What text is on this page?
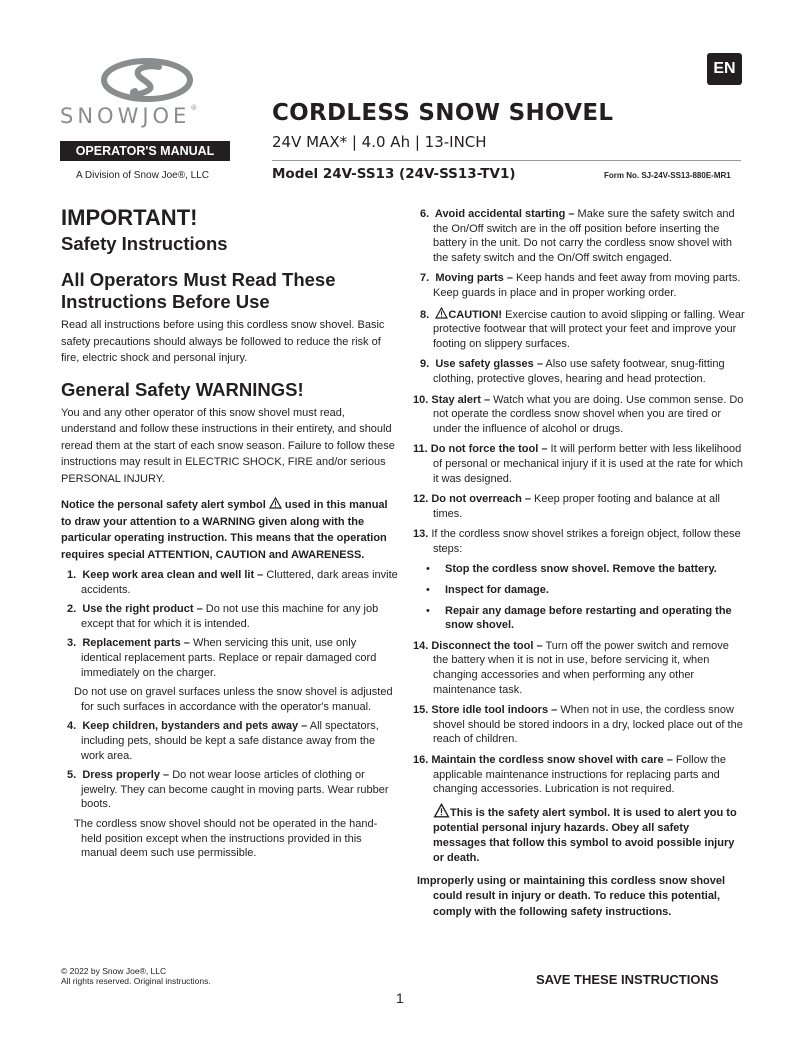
SNOWJOE®
OPERATOR'S MANUAL
A Division of Snow Joe®, LLC
EN
CORDLESS SNOW SHOVEL
24V MAX* | 4.0 Ah | 13-INCH
Model 24V-SS13 (24V-SS13-TV1)	Form No. SJ-24V-SS13-880E-MR1
IMPORTANT!
Safety Instructions
All Operators Must Read These Instructions Before Use
Read all instructions before using this cordless snow shovel. Basic safety precautions should always be followed to reduce the risk of fire, electric shock and personal injury.
General Safety WARNINGS!
You and any other operator of this snow shovel must read, understand and follow these instructions in their entirety, and should reread them at the start of each snow season. Failure to follow these instructions may result in ELECTRIC SHOCK, FIRE and/or serious PERSONAL INJURY.
Notice the personal safety alert symbol  used in this manual to draw your attention to a WARNING given along with the particular operating instruction. This means that the operation requires special ATTENTION, CAUTION and AWARENESS.
1. Keep work area clean and well lit – Cluttered, dark areas invite accidents.
2. Use the right product – Do not use this machine for any job except that for which it is intended.
3. Replacement parts – When servicing this unit, use only identical replacement parts. Replace or repair damaged cord immediately on the charger.
Do not use on gravel surfaces unless the snow shovel is adjusted for such surfaces in accordance with the operator's manual.
4. Keep children, bystanders and pets away – All spectators, including pets, should be kept a safe distance away from the work area.
5. Dress properly – Do not wear loose articles of clothing or jewelry. They can become caught in moving parts. Wear rubber boots.
The cordless snow shovel should not be operated in the hand-held position except when the instructions provided in this manual deem such use permissible.
6. Avoid accidental starting – Make sure the safety switch and the On/Off switch are in the off position before inserting the battery in the unit. Do not carry the cordless snow shovel with the safety switch and the On/Off switch engaged.
7. Moving parts – Keep hands and feet away from moving parts. Keep guards in place and in proper working order.
8. CAUTION! Exercise caution to avoid slipping or falling. Wear protective footwear that will protect your feet and improve your footing on slippery surfaces.
9. Use safety glasses – Also use safety footwear, snug-fitting clothing, protective gloves, hearing and head protection.
10. Stay alert – Watch what you are doing. Use common sense. Do not operate the cordless snow shovel when you are tired or under the influence of alcohol or drugs.
11. Do not force the tool – It will perform better with less likelihood of personal or mechanical injury if it is used at the rate for which it was designed.
12. Do not overreach – Keep proper footing and balance at all times.
13. If the cordless snow shovel strikes a foreign object, follow these steps:
• Stop the cordless snow shovel. Remove the battery.
• Inspect for damage.
• Repair any damage before restarting and operating the snow shovel.
14. Disconnect the tool – Turn off the power switch and remove the battery when it is not in use, before servicing it, when changing accessories and when performing any other maintenance task.
15. Store idle tool indoors – When not in use, the cordless snow shovel should be stored indoors in a dry, locked place out of the reach of children.
16. Maintain the cordless snow shovel with care – Follow the applicable maintenance instructions for replacing parts and changing accessories. Lubrication is not required.
This is the safety alert symbol. It is used to alert you to potential personal injury hazards. Obey all safety messages that follow this symbol to avoid possible injury or death.
Improperly using or maintaining this cordless snow shovel could result in injury or death. To reduce this potential, comply with the following safety instructions.
© 2022 by Snow Joe®, LLC
All rights reserved. Original instructions.	SAVE THESE INSTRUCTIONS
1
